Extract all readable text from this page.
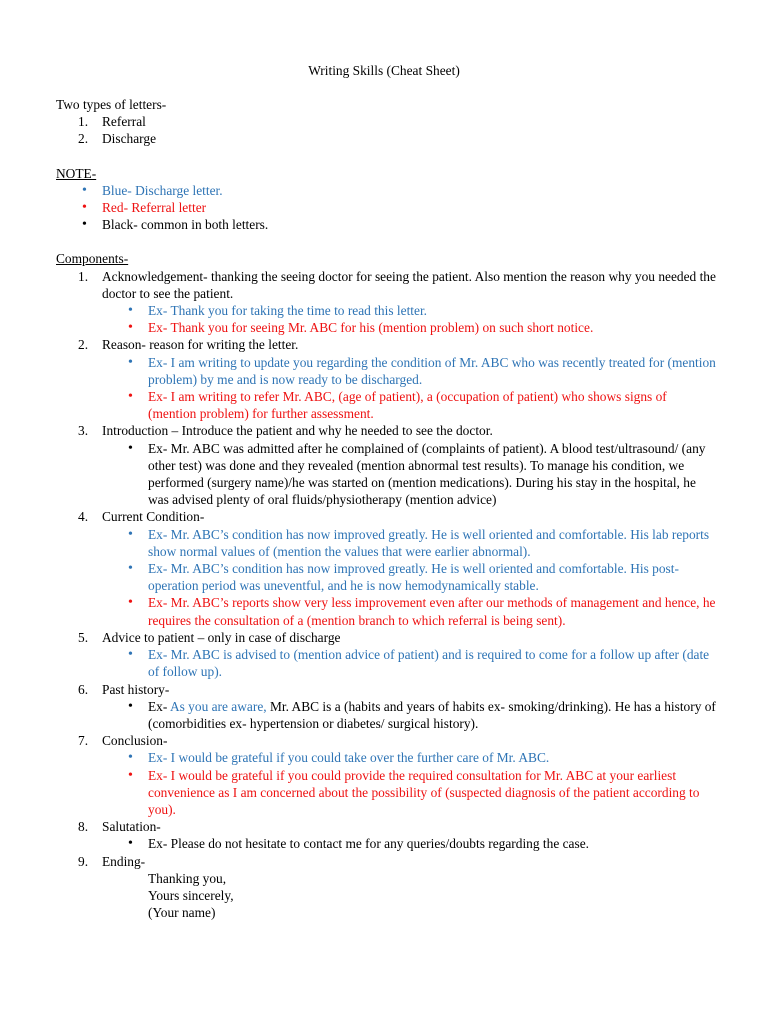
Writing Skills (Cheat Sheet)

Two types of letters-

1. Referral
2. Discharge

NOTE-

• Blue- Discharge letter.
• Red- Referral letter
• Black- common in both letters.

Components-

1. Acknowledgement- thanking the seeing doctor for seeing the patient. Also mention the reason why you needed the doctor to see the patient.
• Ex- Thank you for taking the time to read this letter.
• Ex- Thank you for seeing Mr. ABC for his (mention problem) on such short notice.
2. Reason- reason for writing the letter.
• Ex- I am writing to update you regarding the condition of Mr. ABC who was recently treated for (mention problem) by me and is now ready to be discharged.
• Ex- I am writing to refer Mr. ABC, (age of patient), a (occupation of patient) who shows signs of (mention problem) for further assessment.
3. Introduction – Introduce the patient and why he needed to see the doctor.
• Ex- Mr. ABC was admitted after he complained of (complaints of patient). A blood test/ultrasound/ (any other test) was done and they revealed (mention abnormal test results). To manage his condition, we performed (surgery name)/he was started on (mention medications). During his stay in the hospital, he was advised plenty of oral fluids/physiotherapy (mention advice)
4. Current Condition-
• Ex- Mr. ABC’s condition has now improved greatly. He is well oriented and comfortable. His lab reports show normal values of (mention the values that were earlier abnormal).
• Ex- Mr. ABC’s condition has now improved greatly. He is well oriented and comfortable. His post-operation period was uneventful, and he is now hemodynamically stable.
• Ex- Mr. ABC’s reports show very less improvement even after our methods of management and hence, he requires the consultation of a (mention branch to which referral is being sent).
5. Advice to patient – only in case of discharge
• Ex- Mr. ABC is advised to (mention advice of patient) and is required to come for a follow up after (date of follow up).
6. Past history-
• Ex- As you are aware, Mr. ABC is a (habits and years of habits ex- smoking/drinking). He has a history of (comorbidities ex- hypertension or diabetes/ surgical history).
7. Conclusion-
• Ex- I would be grateful if you could take over the further care of Mr. ABC.
• Ex- I would be grateful if you could provide the required consultation for Mr. ABC at your earliest convenience as I am concerned about the possibility of (suspected diagnosis of the patient according to you).
8. Salutation-
• Ex- Please do not hesitate to contact me for any queries/doubts regarding the case.
9. Ending-
Thanking you,
Yours sincerely,
(Your name)
